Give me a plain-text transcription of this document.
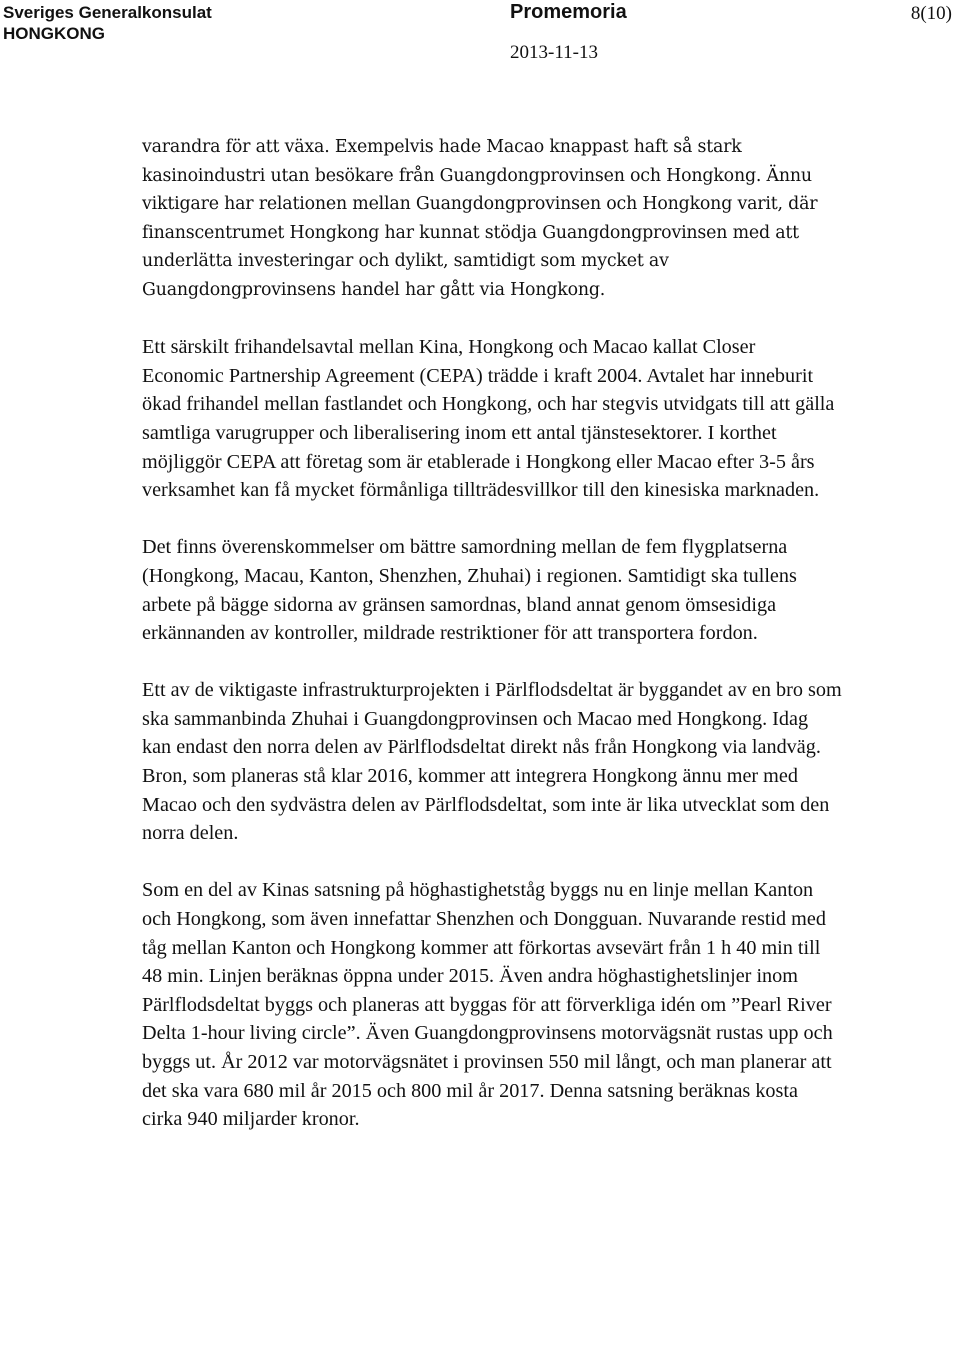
Sveriges Generalkonsulat
HONGKONG
Promemoria	8(10)
2013-11-13

varandra för att växa. Exempelvis hade Macao knappast haft så stark kasinoindustri utan besökare från Guangdongprovinsen och Hongkong. Ännu viktigare har relationen mellan Guangdongprovinsen och Hongkong varit, där finanscentrumet Hongkong har kunnat stödja Guangdongprovinsen med att underlätta investeringar och dylikt, samtidigt som mycket av Guangdongprovinsens handel har gått via Hongkong.

Ett särskilt frihandelsavtal mellan Kina, Hongkong och Macao kallat Closer Economic Partnership Agreement (CEPA) trädde i kraft 2004. Avtalet har inneburit ökad frihandel mellan fastlandet och Hongkong, och har stegvis utvidgats till att gälla samtliga varugrupper och liberalisering inom ett antal tjänstesektorer. I korthet möjliggör CEPA att företag som är etablerade i Hongkong eller Macao efter 3-5 års verksamhet kan få mycket förmånliga tillträdesvillkor till den kinesiska marknaden.

Det finns överenskommelser om bättre samordning mellan de fem flygplatserna (Hongkong, Macau, Kanton, Shenzhen, Zhuhai) i regionen. Samtidigt ska tullens arbete på bägge sidorna av gränsen samordnas, bland annat genom ömsesidiga erkännanden av kontroller, mildrade restriktioner för att transportera fordon.

Ett av de viktigaste infrastrukturprojekten i Pärlflodsdeltat är byggandet av en bro som ska sammanbinda Zhuhai i Guangdongprovinsen och Macao med Hongkong. Idag kan endast den norra delen av Pärlflodsdeltat direkt nås från Hongkong via landväg. Bron, som planeras stå klar 2016, kommer att integrera Hongkong ännu mer med Macao och den sydvästra delen av Pärlflodsdeltat, som inte är lika utvecklat som den norra delen.

Som en del av Kinas satsning på höghastighetståg byggs nu en linje mellan Kanton och Hongkong, som även innefattar Shenzhen och Dongguan. Nuvarande restid med tåg mellan Kanton och Hongkong kommer att förkortas avsevärt från 1 h 40 min till 48 min. Linjen beräknas öppna under 2015. Även andra höghastighetslinjer inom Pärlflodsdeltat byggs och planeras att byggas för att förverkliga idén om ”Pearl River Delta 1-hour living circle”. Även Guangdongprovinsens motorvägsnät rustas upp och byggs ut. År 2012 var motorvägsnätet i provinsen 550 mil långt, och man planerar att det ska vara 680 mil år 2015 och 800 mil år 2017. Denna satsning beräknas kosta cirka 940 miljarder kronor.
